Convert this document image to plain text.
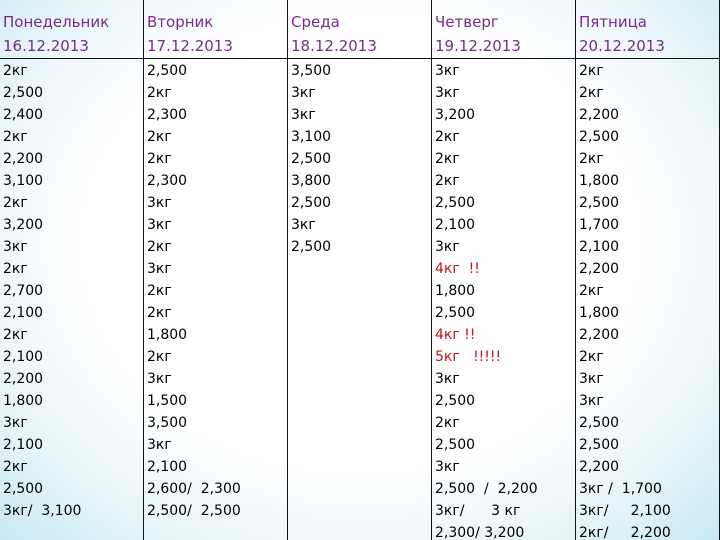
Понедельник
16.12.2013
2кг
2,500
2,400
2кг
2,200
3,100
2кг
3,200
3кг
2кг
2,700
2,100
2кг
2,100
2,200
1,800
3кг
2,100
2кг
2,500
3кг/  3,100
Вторник
17.12.2013
2,500
2кг
2,300
2кг
2кг
2,300
3кг
3кг
2кг
3кг
2кг
2кг
1,800
2кг
3кг
1,500
3,500
3кг
2,100
2,600/  2,300
2,500/  2,500
Среда
18.12.2013
3,500
3кг
3кг
3,100
2,500
3,800
2,500
3кг
2,500
Четверг
19.12.2013
3кг
3кг
3,200
2кг
2кг
2кг
2,500
2,100
3кг
4кг  !!
1,800
2,500
4кг !!
5кг   !!!!!
3кг
2,500
2кг
2,500
3кг
2,500  /  2,200
3кг/      3 кг
2,300/ 3,200
Пятница
20.12.2013
2кг
2кг
2,200
2,500
2кг
1,800
2,500
1,700
2,100
2,200
2кг
1,800
2,200
2кг
3кг
3кг
2,500
2,500
2,200
3кг /  1,700
3кг/     2,100
2кг/     2,200
